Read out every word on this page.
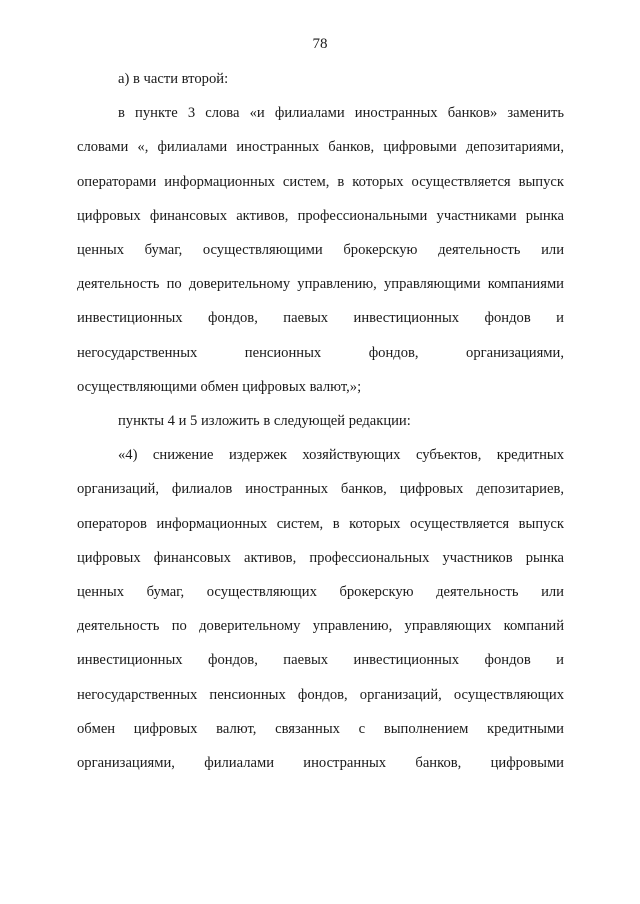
78
а) в части второй:
в пункте 3 слова «и филиалами иностранных банков» заменить
словами «, филиалами иностранных банков, цифровыми депозитариями,
операторами информационных систем, в которых осуществляется выпуск
цифровых финансовых активов, профессиональными участниками рынка
ценных бумаг, осуществляющими брокерскую деятельность или
деятельность по доверительному управлению, управляющими компаниями
инвестиционных фондов, паевых инвестиционных фондов и
негосударственных пенсионных фондов, организациями,
осуществляющими обмен цифровых валют,»;
пункты 4 и 5 изложить в следующей редакции:
«4) снижение издержек хозяйствующих субъектов, кредитных
организаций, филиалов иностранных банков, цифровых депозитариев,
операторов информационных систем, в которых осуществляется выпуск
цифровых финансовых активов, профессиональных участников рынка
ценных бумаг, осуществляющих брокерскую деятельность или
деятельность по доверительному управлению, управляющих компаний
инвестиционных фондов, паевых инвестиционных фондов и
негосударственных пенсионных фондов, организаций, осуществляющих
обмен цифровых валют, связанных с выполнением кредитными
организациями, филиалами иностранных банков, цифровыми
